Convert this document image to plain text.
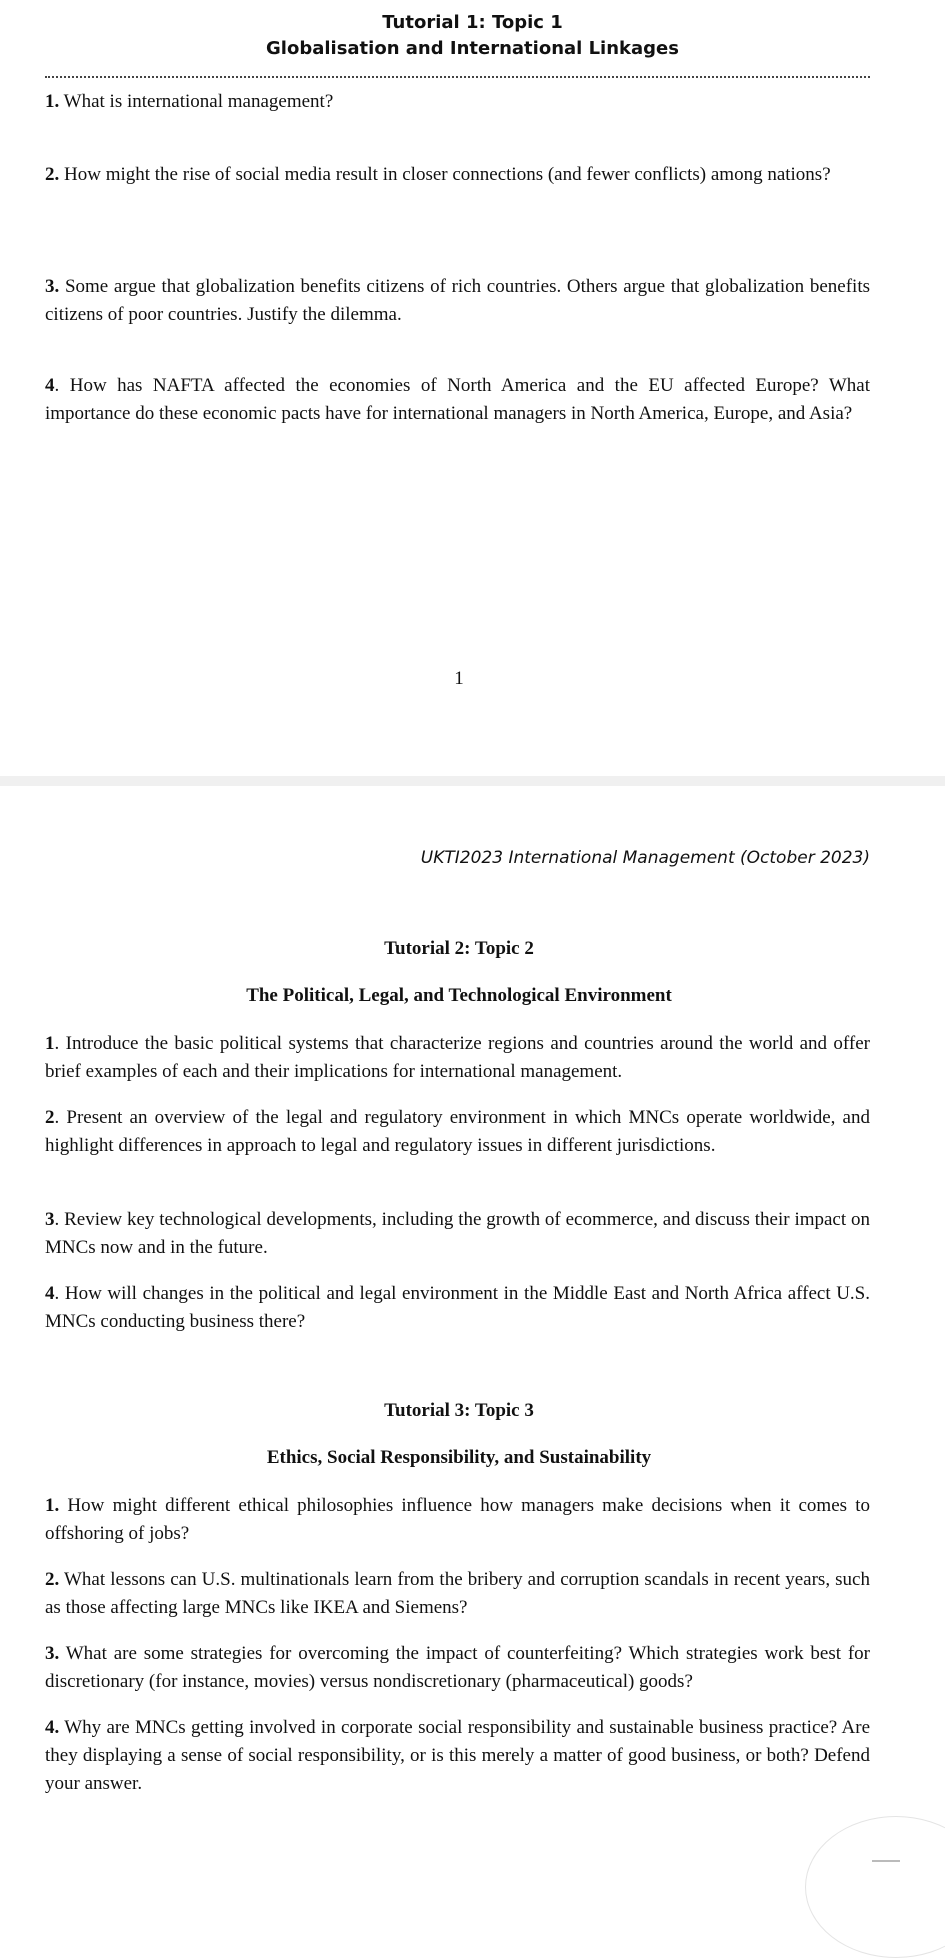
Tutorial 1: Topic 1
Globalisation and International Linkages
1. What is international management?
2. How might the rise of social media result in closer connections (and fewer conflicts) among nations?
3. Some argue that globalization benefits citizens of rich countries. Others argue that globalization benefits citizens of poor countries. Justify the dilemma.
4. How has NAFTA affected the economies of North America and the EU affected Europe? What importance do these economic pacts have for international managers in North America, Europe, and Asia?
1
UKTI2023 International Management (October 2023)
Tutorial 2: Topic 2
The Political, Legal, and Technological Environment
1. Introduce the basic political systems that characterize regions and countries around the world and offer brief examples of each and their implications for international management.
2. Present an overview of the legal and regulatory environment in which MNCs operate worldwide, and highlight differences in approach to legal and regulatory issues in different jurisdictions.
3. Review key technological developments, including the growth of ecommerce, and discuss their impact on MNCs now and in the future.
4. How will changes in the political and legal environment in the Middle East and North Africa affect U.S. MNCs conducting business there?
Tutorial 3: Topic 3
Ethics, Social Responsibility, and Sustainability
1. How might different ethical philosophies influence how managers make decisions when it comes to offshoring of jobs?
2. What lessons can U.S. multinationals learn from the bribery and corruption scandals in recent years, such as those affecting large MNCs like IKEA and Siemens?
3. What are some strategies for overcoming the impact of counterfeiting? Which strategies work best for discretionary (for instance, movies) versus nondiscretionary (pharmaceutical) goods?
4. Why are MNCs getting involved in corporate social responsibility and sustainable business practice? Are they displaying a sense of social responsibility, or is this merely a matter of good business, or both? Defend your answer.
